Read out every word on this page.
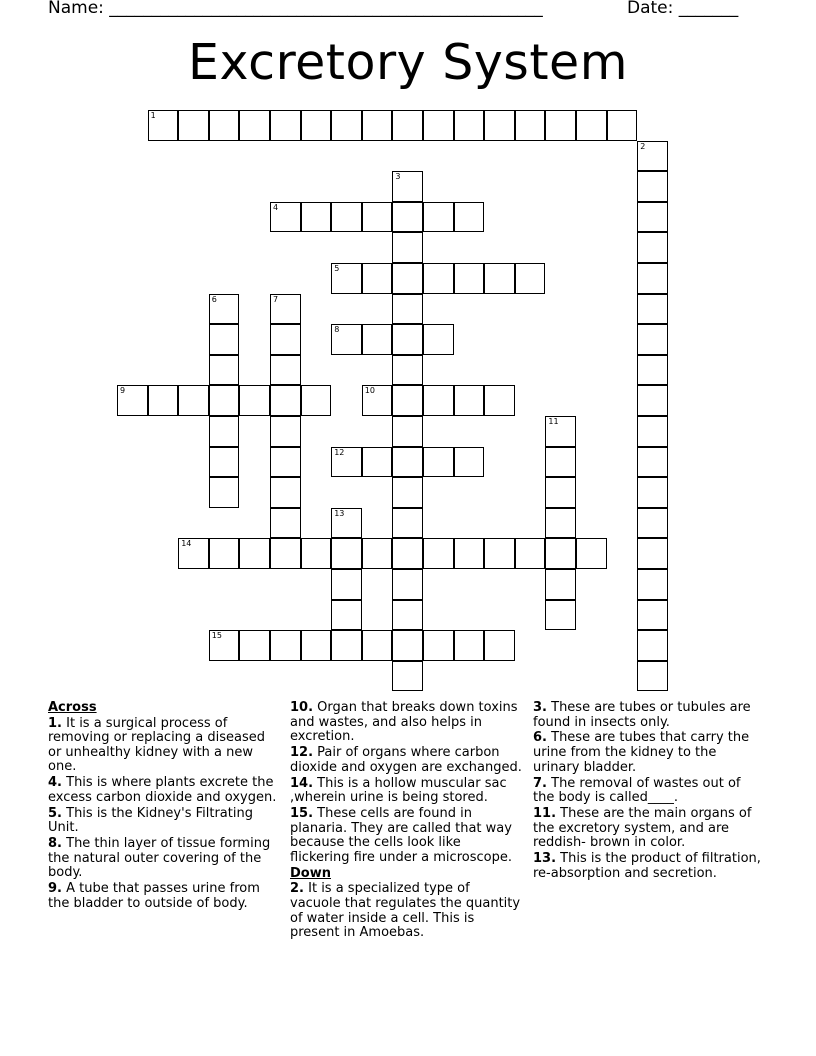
Name: ___________________________________________________	Date: _______
Excretory System
1
2
3
4
5
6	7
8
9	10
11
12
13
14
15
Across
1. It is a surgical process of removing or replacing a diseased or unhealthy kidney with a new one.
4. This is where plants excrete the excess carbon dioxide and oxygen.
5. This is the Kidney's Filtrating Unit.
8. The thin layer of tissue forming the natural outer covering of the body.
9. A tube that passes urine from the bladder to outside of body.
10. Organ that breaks down toxins and wastes, and also helps in excretion.
12. Pair of organs where carbon dioxide and oxygen are exchanged.
14. This is a hollow muscular sac ,wherein urine is being stored.
15. These cells are found in planaria. They are called that way because the cells look like flickering fire under a microscope.
Down
2. It is a specialized type of vacuole that regulates the quantity of water inside a cell. This is present in Amoebas.
3. These are tubes or tubules are found in insects only.
6. These are tubes that carry the urine from the kidney to the urinary bladder.
7. The removal of wastes out of the body is called____.
11. These are the main organs of the excretory system, and are reddish- brown in color.
13. This is the product of filtration, re-absorption and secretion.
